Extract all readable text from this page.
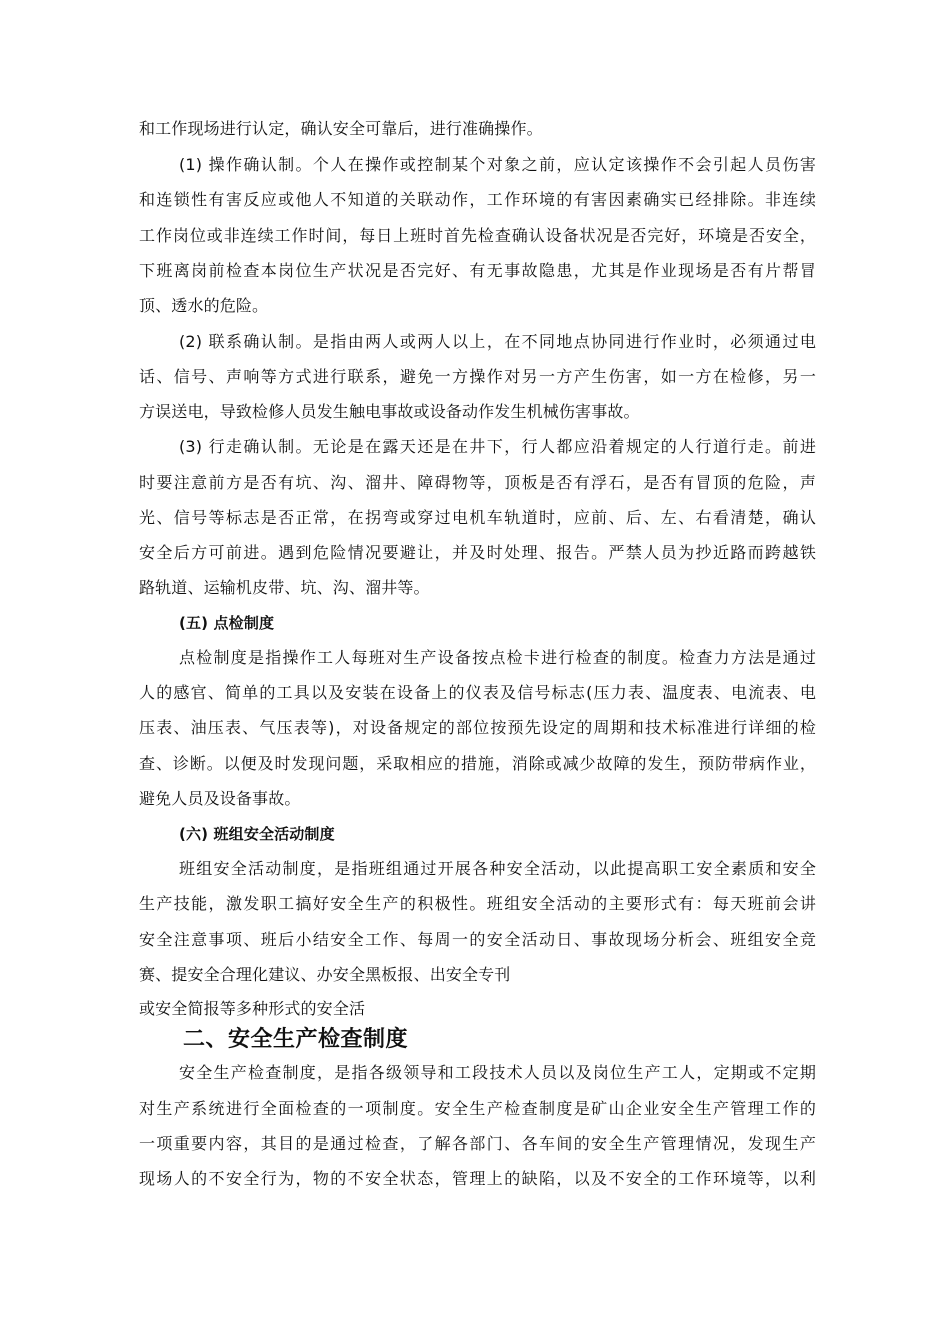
和工作现场进行认定，确认安全可靠后，进行准确操作。
(1) 操作确认制。个人在操作或控制某个对象之前，应认定该操作不会引起人员伤害
和连锁性有害反应或他人不知道的关联动作，工作环境的有害因素确实已经排除。非连续
工作岗位或非连续工作时间，每日上班时首先检查确认设备状况是否完好，环境是否安全，
下班离岗前检查本岗位生产状况是否完好、有无事故隐患，尤其是作业现场是否有片帮冒
顶、透水的危险。
(2) 联系确认制。是指由两人或两人以上，在不同地点协同进行作业时，必须通过电
话、信号、声响等方式进行联系，避免一方操作对另一方产生伤害，如一方在检修，另一
方误送电，导致检修人员发生触电事故或设备动作发生机械伤害事故。
(3) 行走确认制。无论是在露天还是在井下，行人都应沿着规定的人行道行走。前进
时要注意前方是否有坑、沟、溜井、障碍物等，顶板是否有浮石，是否有冒顶的危险，声
光、信号等标志是否正常，在拐弯或穿过电机车轨道时，应前、后、左、右看清楚，确认
安全后方可前进。遇到危险情况要避让，并及时处理、报告。严禁人员为抄近路而跨越铁
路轨道、运输机皮带、坑、沟、溜井等。
(五) 点检制度
点检制度是指操作工人每班对生产设备按点检卡进行检查的制度。检查力方法是通过
人的感官、简单的工具以及安装在设备上的仪表及信号标志(压力表、温度表、电流表、电
压表、油压表、气压表等)，对设备规定的部位按预先设定的周期和技术标准进行详细的检
查、诊断。以便及时发现问题，采取相应的措施，消除或减少故障的发生，预防带病作业，
避免人员及设备事故。
(六) 班组安全活动制度
班组安全活动制度，是指班组通过开展各种安全活动，以此提高职工安全素质和安全
生产技能，激发职工搞好安全生产的积极性。班组安全活动的主要形式有：每天班前会讲
安全注意事项、班后小结安全工作、每周一的安全活动日、事故现场分析会、班组安全竞
赛、提安全合理化建议、办安全黑板报、出安全专刊
或安全简报等多种形式的安全活
二、安全生产检查制度
安全生产检查制度，是指各级领导和工段技术人员以及岗位生产工人，定期或不定期
对生产系统进行全面检查的一项制度。安全生产检查制度是矿山企业安全生产管理工作的
一项重要内容，其目的是通过检查，了解各部门、各车间的安全生产管理情况，发现生产
现场人的不安全行为，物的不安全状态，管理上的缺陷，以及不安全的工作环境等，以利
